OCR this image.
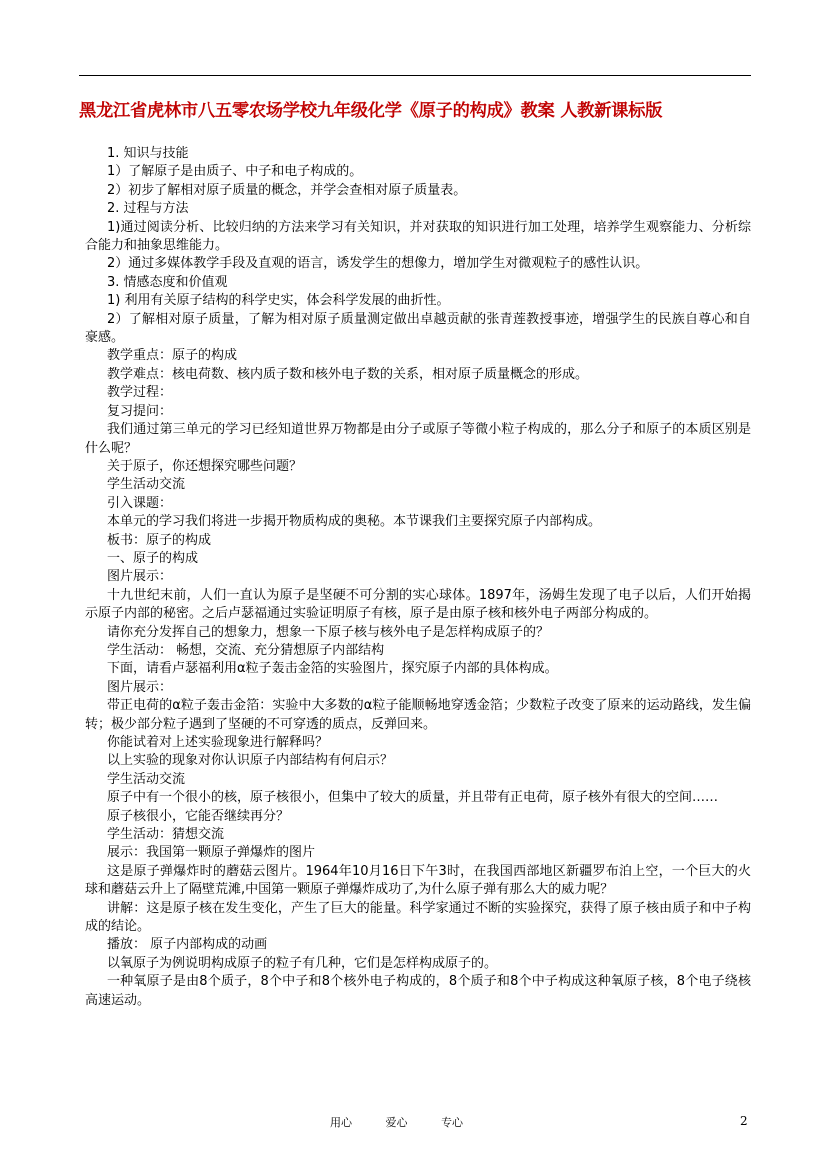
黑龙江省虎林市八五零农场学校九年级化学《原子的构成》教案 人教新课标版

1. 知识与技能

1）了解原子是由质子、中子和电子构成的。

2）初步了解相对原子质量的概念，并学会查相对原子质量表。

2. 过程与方法

1)通过阅读分析、比较归纳的方法来学习有关知识，并对获取的知识进行加工处理，培养学生观察能力、分析综合能力和抽象思维能力。

2）通过多媒体教学手段及直观的语言，诱发学生的想像力，增加学生对微观粒子的感性认识。

3. 情感态度和价值观

1) 利用有关原子结构的科学史实，体会科学发展的曲折性。

2）了解相对原子质量，了解为相对原子质量测定做出卓越贡献的张青莲教授事迹，增强学生的民族自尊心和自豪感。

教学重点：原子的构成

教学难点：核电荷数、核内质子数和核外电子数的关系，相对原子质量概念的形成。

教学过程：

复习提问：

我们通过第三单元的学习已经知道世界万物都是由分子或原子等微小粒子构成的，那么分子和原子的本质区别是什么呢？

关于原子，你还想探究哪些问题？

学生活动交流

引入课题：

本单元的学习我们将进一步揭开物质构成的奥秘。本节课我们主要探究原子内部构成。

板书：原子的构成

一、原子的构成

图片展示：

十九世纪末前，人们一直认为原子是坚硬不可分割的实心球体。1897年，汤姆生发现了电子以后，人们开始揭示原子内部的秘密。之后卢瑟福通过实验证明原子有核，原子是由原子核和核外电子两部分构成的。

请你充分发挥自己的想象力，想象一下原子核与核外电子是怎样构成原子的？

学生活动： 畅想，交流、充分猜想原子内部结构

下面，请看卢瑟福利用α粒子轰击金箔的实验图片，探究原子内部的具体构成。

图片展示：

带正电荷的α粒子轰击金箔：实验中大多数的α粒子能顺畅地穿透金箔；少数粒子改变了原来的运动路线，发生偏转；极少部分粒子遇到了坚硬的不可穿透的质点，反弹回来。

你能试着对上述实验现象进行解释吗？

以上实验的现象对你认识原子内部结构有何启示？

学生活动交流

原子中有一个很小的核，原子核很小，但集中了较大的质量，并且带有正电荷，原子核外有很大的空间……

原子核很小，它能否继续再分？

学生活动：猜想交流

展示：我国第一颗原子弹爆炸的图片

这是原子弹爆炸时的蘑菇云图片。1964年10月16日下午3时，在我国西部地区新疆罗布泊上空，一个巨大的火球和蘑菇云升上了隔壁荒滩,中国第一颗原子弹爆炸成功了,为什么原子弹有那么大的威力呢？

讲解：这是原子核在发生变化，产生了巨大的能量。科学家通过不断的实验探究，获得了原子核由质子和中子构成的结论。

播放： 原子内部构成的动画

以氧原子为例说明构成原子的粒子有几种，它们是怎样构成原子的。

一种氧原子是由8个质子，8个中子和8个核外电子构成的，8个质子和8个中子构成这种氧原子核，8个电子绕核高速运动。

用心	爱心	专心	2
